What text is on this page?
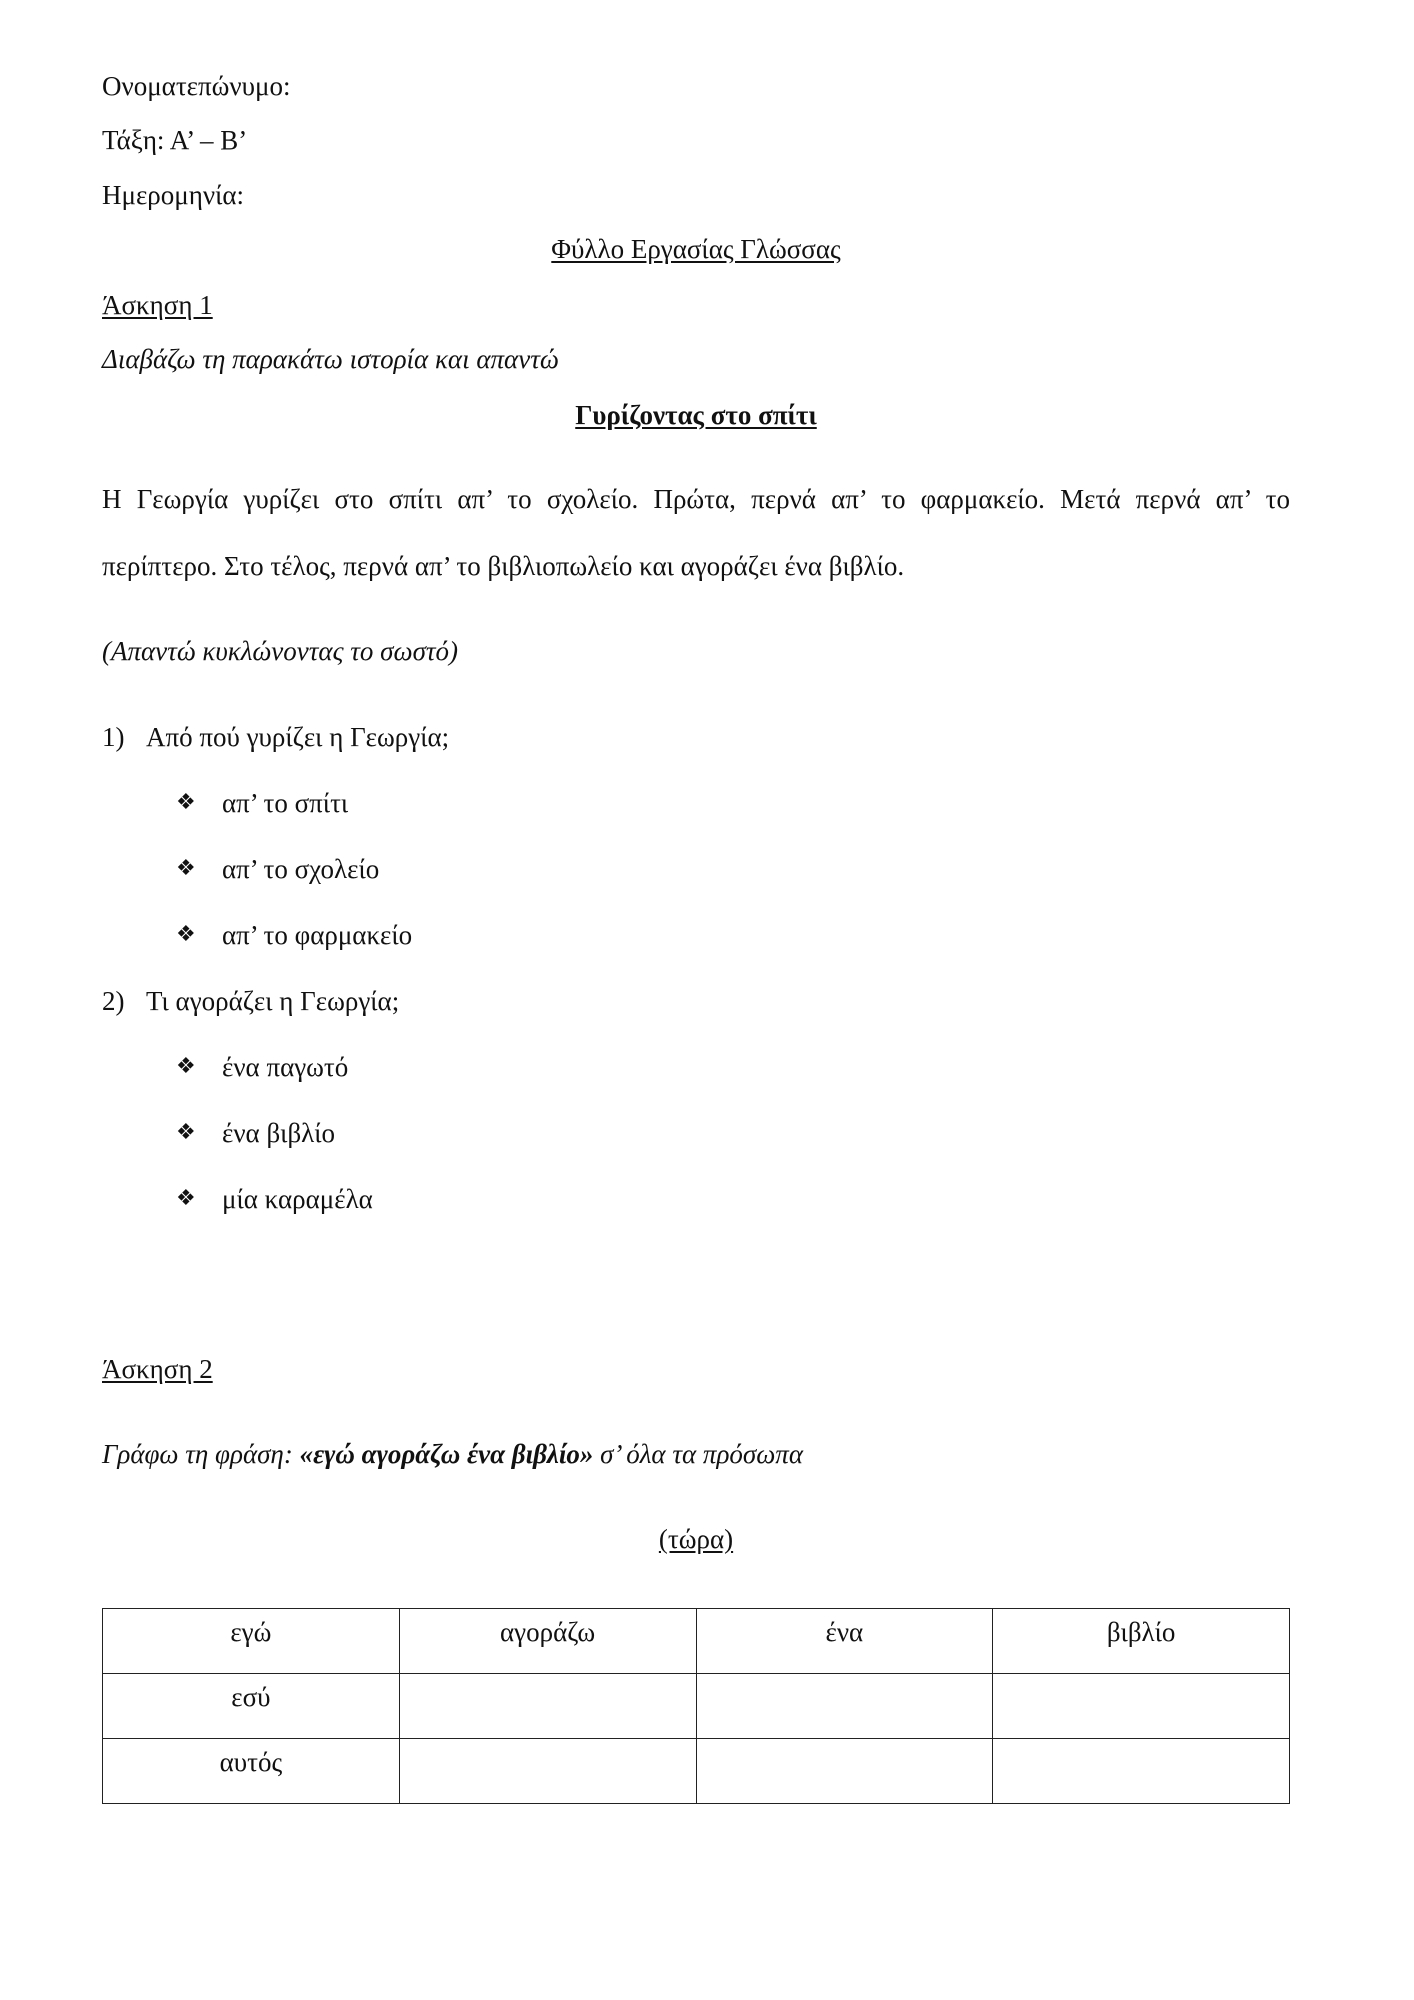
Ονοματεπώνυμο:
Τάξη: Α’ – Β’
Ημερομηνία:
Φύλλο Εργασίας Γλώσσας
Άσκηση 1
Διαβάζω τη παρακάτω ιστορία και απαντώ
Γυρίζοντας στο σπίτι
Η Γεωργία γυρίζει στο σπίτι απ’ το σχολείο. Πρώτα, περνά απ’ το φαρμακείο. Μετά περνά απ’ το
περίπτερο. Στο τέλος, περνά απ’ το βιβλιοπωλείο και αγοράζει ένα βιβλίο.
(Απαντώ κυκλώνοντας το σωστό)
1) Από πού γυρίζει η Γεωργία;
❖ απ’ το σπίτι
❖ απ’ το σχολείο
❖ απ’ το φαρμακείο
2) Τι αγοράζει η Γεωργία;
❖ ένα παγωτό
❖ ένα βιβλίο
❖ μία καραμέλα
Άσκηση 2
Γράφω τη φράση: «εγώ αγοράζω ένα βιβλίο» σ’ όλα τα πρόσωπα
(τώρα)
εγώ	αγοράζω	ένα	βιβλίο
εσύ			
αυτός			
